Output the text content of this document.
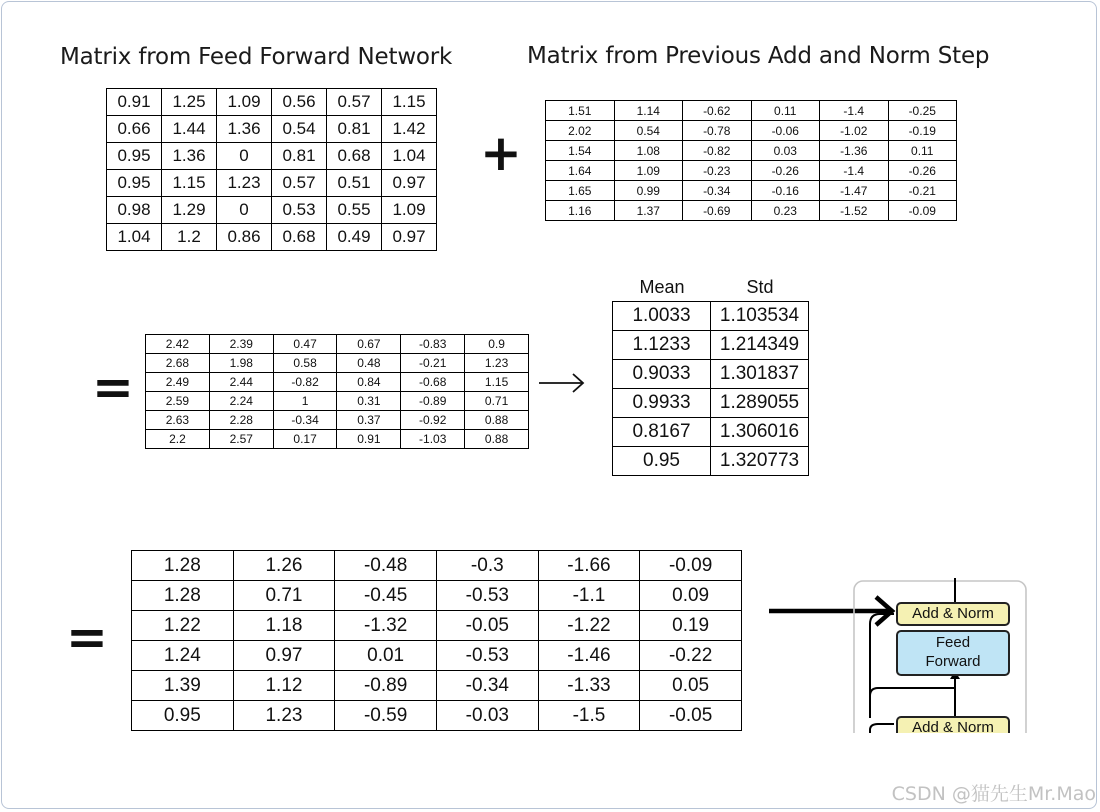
Matrix from Feed Forward Network	Matrix from Previous Add and Norm Step
0.91	1.25	1.09	0.56	0.57	1.15
0.66	1.44	1.36	0.54	0.81	1.42
0.95	1.36	0	0.81	0.68	1.04
0.95	1.15	1.23	0.57	0.51	0.97
0.98	1.29	0	0.53	0.55	1.09
1.04	1.2	0.86	0.68	0.49	0.97
+
1.51	1.14	-0.62	0.11	-1.4	-0.25
2.02	0.54	-0.78	-0.06	-1.02	-0.19
1.54	1.08	-0.82	0.03	-1.36	0.11
1.64	1.09	-0.23	-0.26	-1.4	-0.26
1.65	0.99	-0.34	-0.16	-1.47	-0.21
1.16	1.37	-0.69	0.23	-1.52	-0.09
=
2.42	2.39	0.47	0.67	-0.83	0.9
2.68	1.98	0.58	0.48	-0.21	1.23
2.49	2.44	-0.82	0.84	-0.68	1.15
2.59	2.24	1	0.31	-0.89	0.71
2.63	2.28	-0.34	0.37	-0.92	0.88
2.2	2.57	0.17	0.91	-1.03	0.88
Mean	Std
1.0033	1.103534
1.1233	1.214349
0.9033	1.301837
0.9933	1.289055
0.8167	1.306016
0.95	1.320773
=
1.28	1.26	-0.48	-0.3	-1.66	-0.09
1.28	0.71	-0.45	-0.53	-1.1	0.09
1.22	1.18	-1.32	-0.05	-1.22	0.19
1.24	0.97	0.01	-0.53	-1.46	-0.22
1.39	1.12	-0.89	-0.34	-1.33	0.05
0.95	1.23	-0.59	-0.03	-1.5	-0.05
Add & Norm
Feed
Forward
Add & Norm
CSDN @猫先生Mr.Mao
